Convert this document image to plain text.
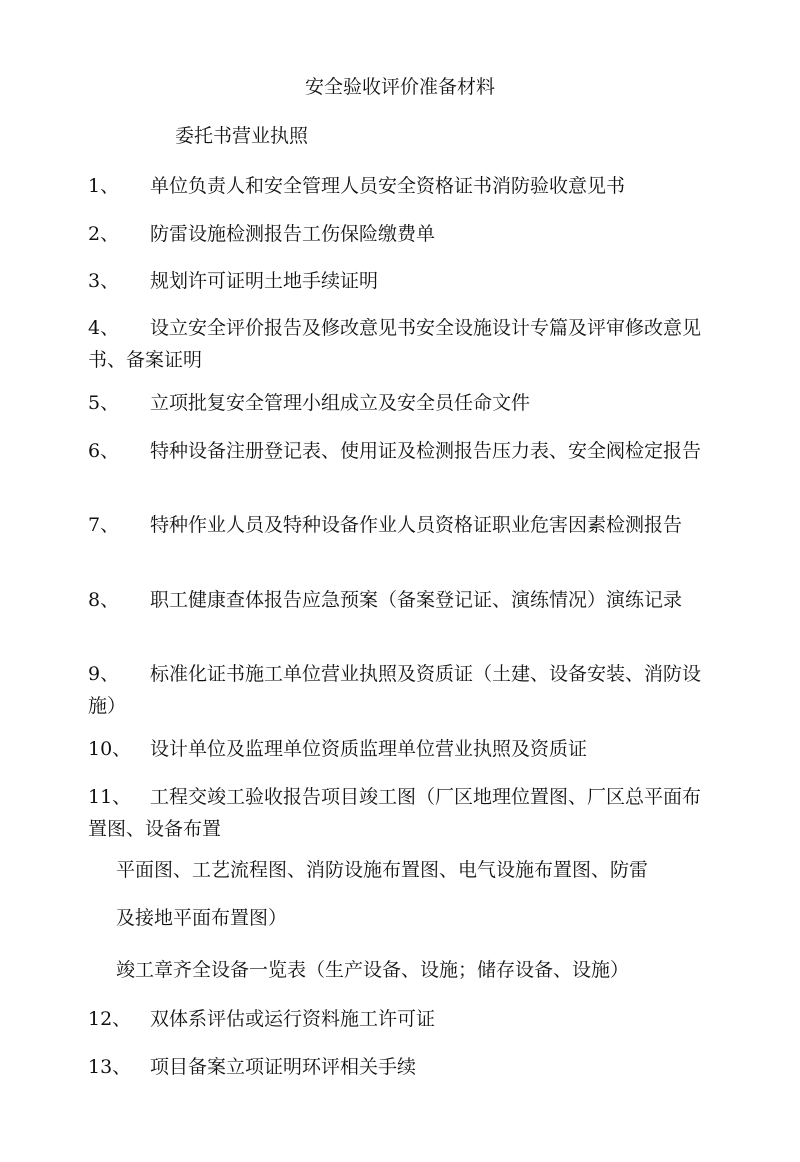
安全验收评价准备材料
委托书营业执照
1、 单位负责人和安全管理人员安全资格证书消防验收意见书
2、 防雷设施检测报告工伤保险缴费单
3、 规划许可证明土地手续证明
4、 设立安全评价报告及修改意见书安全设施设计专篇及评审修改意见书、备案证明
5、 立项批复安全管理小组成立及安全员任命文件
6、 特种设备注册登记表、使用证及检测报告压力表、安全阀检定报告
7、 特种作业人员及特种设备作业人员资格证职业危害因素检测报告
8、 职工健康查体报告应急预案（备案登记证、演练情况）演练记录
9、 标准化证书施工单位营业执照及资质证（土建、设备安装、消防设施）
10、 设计单位及监理单位资质监理单位营业执照及资质证
11、 工程交竣工验收报告项目竣工图（厂区地理位置图、厂区总平面布置图、设备布置
平面图、工艺流程图、消防设施布置图、电气设施布置图、防雷
及接地平面布置图）
竣工章齐全设备一览表（生产设备、设施；储存设备、设施）
12、 双体系评估或运行资料施工许可证
13、 项目备案立项证明环评相关手续
